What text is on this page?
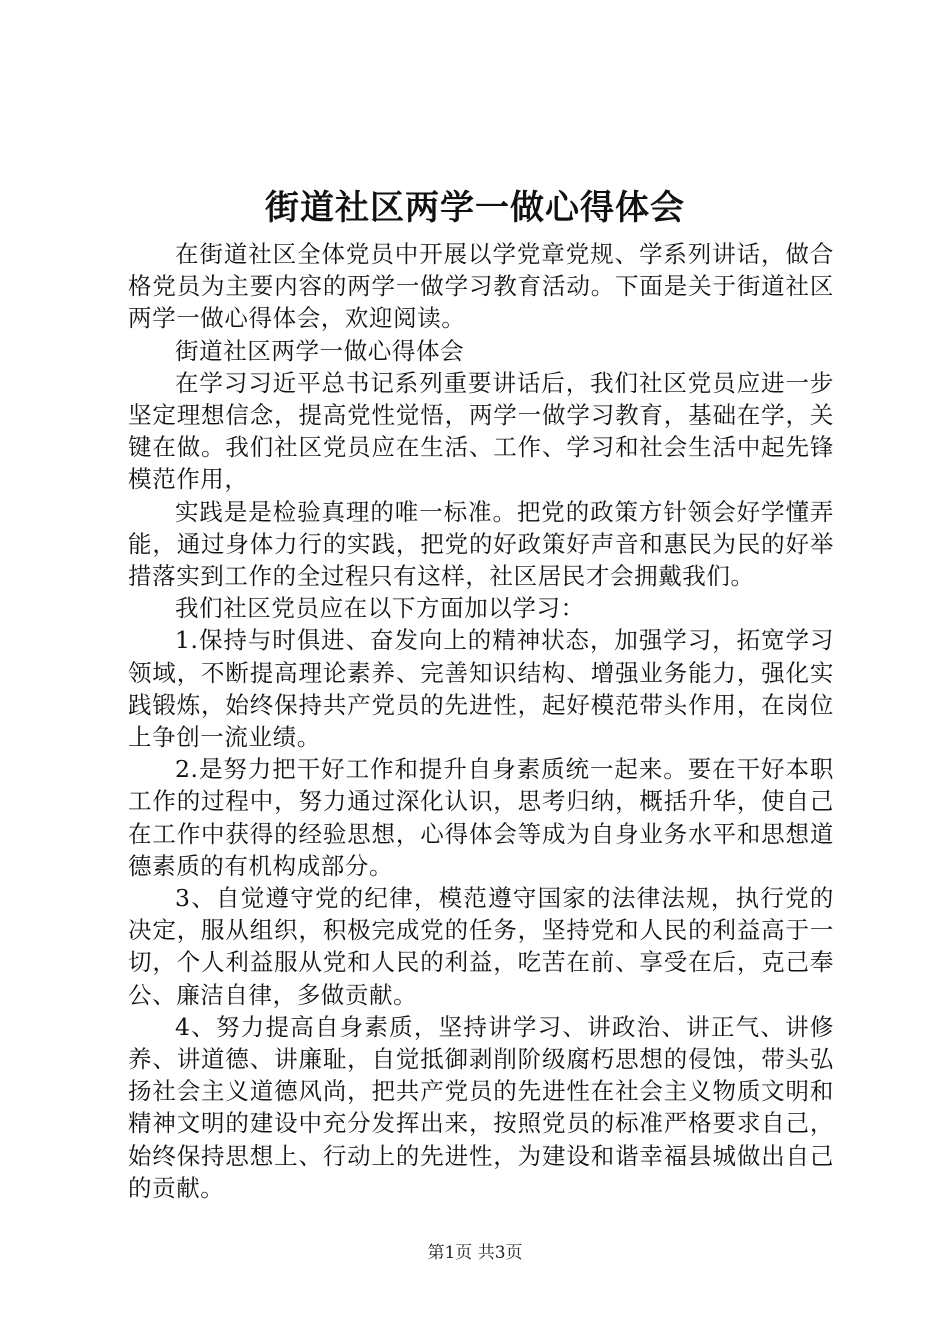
街道社区两学一做心得体会

在街道社区全体党员中开展以学党章党规、学系列讲话，做合格党员为主要内容的两学一做学习教育活动。下面是关于街道社区两学一做心得体会，欢迎阅读。

街道社区两学一做心得体会

在学习习近平总书记系列重要讲话后，我们社区党员应进一步坚定理想信念，提高党性觉悟，两学一做学习教育，基础在学，关键在做。我们社区党员应在生活、工作、学习和社会生活中起先锋模范作用，

实践是是检验真理的唯一标准。把党的政策方针领会好学懂弄能，通过身体力行的实践，把党的好政策好声音和惠民为民的好举措落实到工作的全过程只有这样，社区居民才会拥戴我们。

我们社区党员应在以下方面加以学习：

1.保持与时俱进、奋发向上的精神状态，加强学习，拓宽学习领域，不断提高理论素养、完善知识结构、增强业务能力，强化实践锻炼，始终保持共产党员的先进性，起好模范带头作用，在岗位上争创一流业绩。

2.是努力把干好工作和提升自身素质统一起来。要在干好本职工作的过程中，努力通过深化认识，思考归纳，概括升华，使自己在工作中获得的经验思想，心得体会等成为自身业务水平和思想道德素质的有机构成部分。

3、自觉遵守党的纪律，模范遵守国家的法律法规，执行党的决定，服从组织，积极完成党的任务，坚持党和人民的利益高于一切，个人利益服从党和人民的利益，吃苦在前、享受在后，克己奉公、廉洁自律，多做贡献。

4、努力提高自身素质，坚持讲学习、讲政治、讲正气、讲修养、讲道德、讲廉耻，自觉抵御剥削阶级腐朽思想的侵蚀，带头弘扬社会主义道德风尚，把共产党员的先进性在社会主义物质文明和精神文明的建设中充分发挥出来，按照党员的标准严格要求自己，始终保持思想上、行动上的先进性，为建设和谐幸福县城做出自己的贡献。

第1页 共3页
